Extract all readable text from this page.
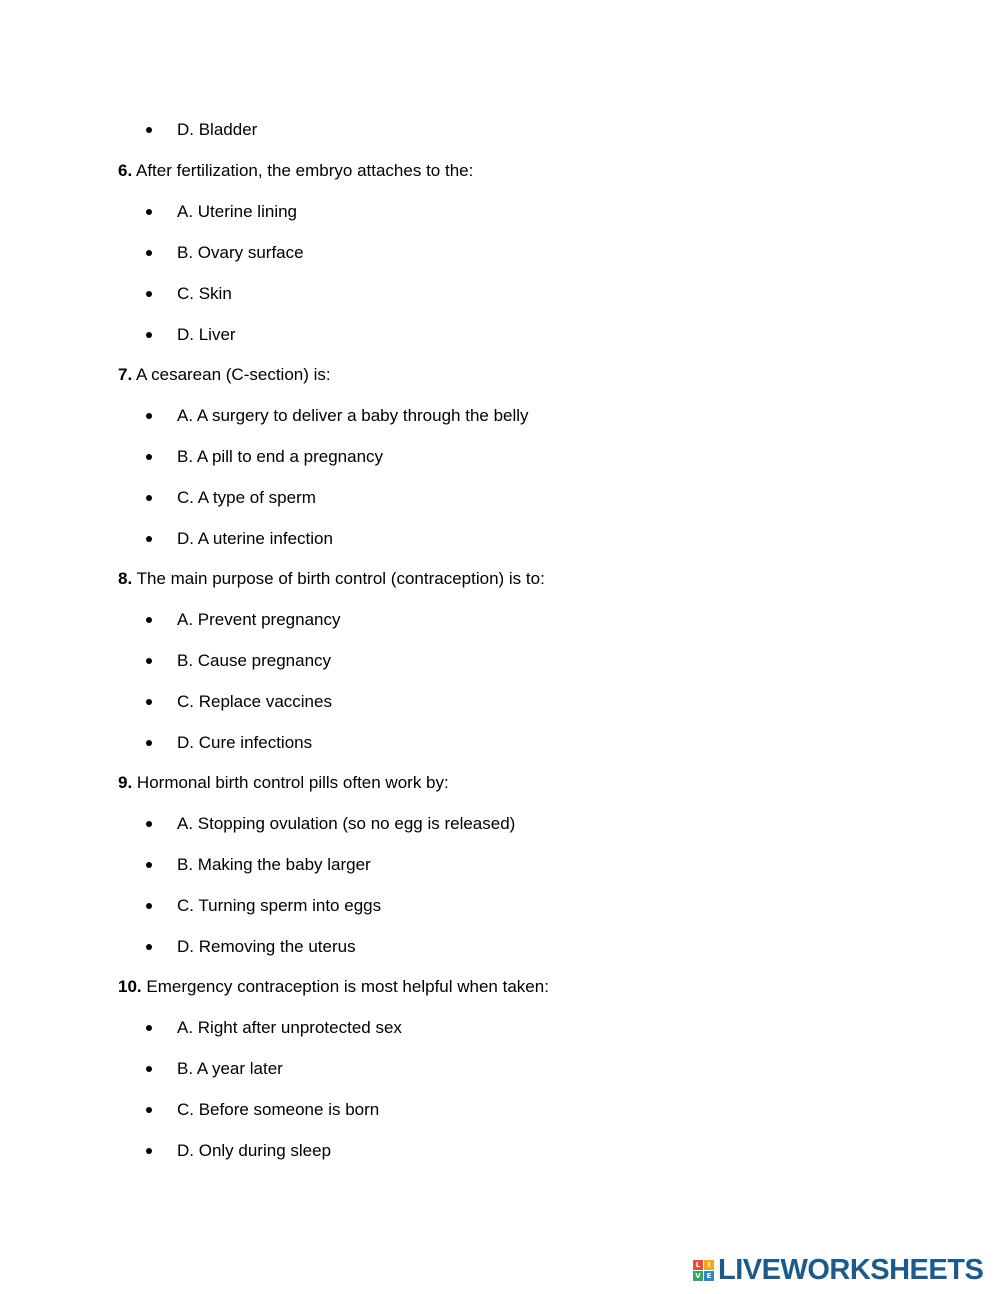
D. Bladder
6. After fertilization, the embryo attaches to the:
A. Uterine lining
B. Ovary surface
C. Skin
D. Liver
7. A cesarean (C-section) is:
A. A surgery to deliver a baby through the belly
B. A pill to end a pregnancy
C. A type of sperm
D. A uterine infection
8. The main purpose of birth control (contraception) is to:
A. Prevent pregnancy
B. Cause pregnancy
C. Replace vaccines
D. Cure infections
9. Hormonal birth control pills often work by:
A. Stopping ovulation (so no egg is released)
B. Making the baby larger
C. Turning sperm into eggs
D. Removing the uterus
10. Emergency contraception is most helpful when taken:
A. Right after unprotected sex
B. A year later
C. Before someone is born
D. Only during sleep
L	I
V E LIVEWORKSHEETS
